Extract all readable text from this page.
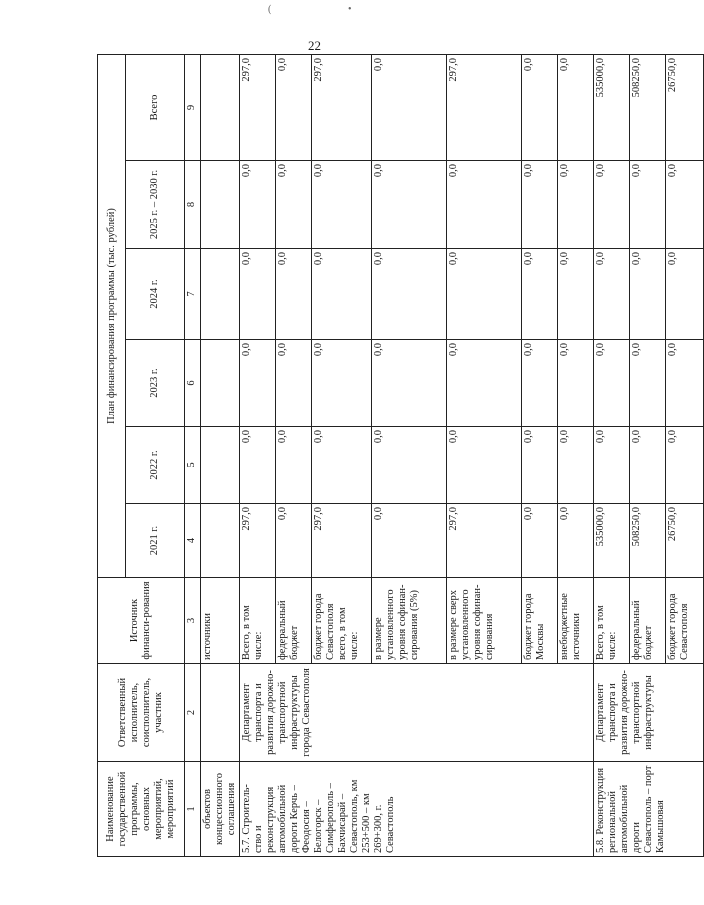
22
(	•
Наименование государственной программы, основных мероприятий, мероприятий	Ответственный исполнитель, соисполнитель, участник	Источник финанси-рования	План финансирования программы (тыс. рублей)					
			2021 г.	2022 г.	2023 г.	2024 г.	2025 г. – 2030 г.	Всего
1	2	3	4	5	6	7	8	9
объектов концессионного соглашения		источники						
5.7. Строитель-ство и реконструкция автомобильной дороги Керчь – Феодосия – Белогорск – Симферополь – Бахчисарай – Севастополь, км 253+500 – км 269+300, г. Севастополь	Департамент транспорта и развития дорожно-транспортной инфраструктуры города Севастополя	Всего, в том числе:	297,0	0,0	0,0	0,0	0,0	297,0
		федеральный бюджет	0,0	0,0	0,0	0,0	0,0	0,0
		бюджет города Севастополя всего, в том числе:	297,0	0,0	0,0	0,0	0,0	297,0
		в размере установленного уровня софинан-сирования (5%)	0,0	0,0	0,0	0,0	0,0	0,0
		в размере сверх установленного уровня софинан-сирования	297,0	0,0	0,0	0,0	0,0	297,0
		бюджет города Москвы	0,0	0,0	0,0	0,0	0,0	0,0
		внебюджетные источники	0,0	0,0	0,0	0,0	0,0	0,0
5.8. Реконструкция региональной автомобильной дороги Севастополь – порт Камышовая	Департамент транспорта и развития дорожно-транспортной инфраструктуры	Всего, в том числе:	535000,0	0,0	0,0	0,0	0,0	535000,0
		федеральный бюджет	508250,0	0,0	0,0	0,0	0,0	508250,0
		бюджет города Севастополя	26750,0	0,0	0,0	0,0	0,0	26750,0
